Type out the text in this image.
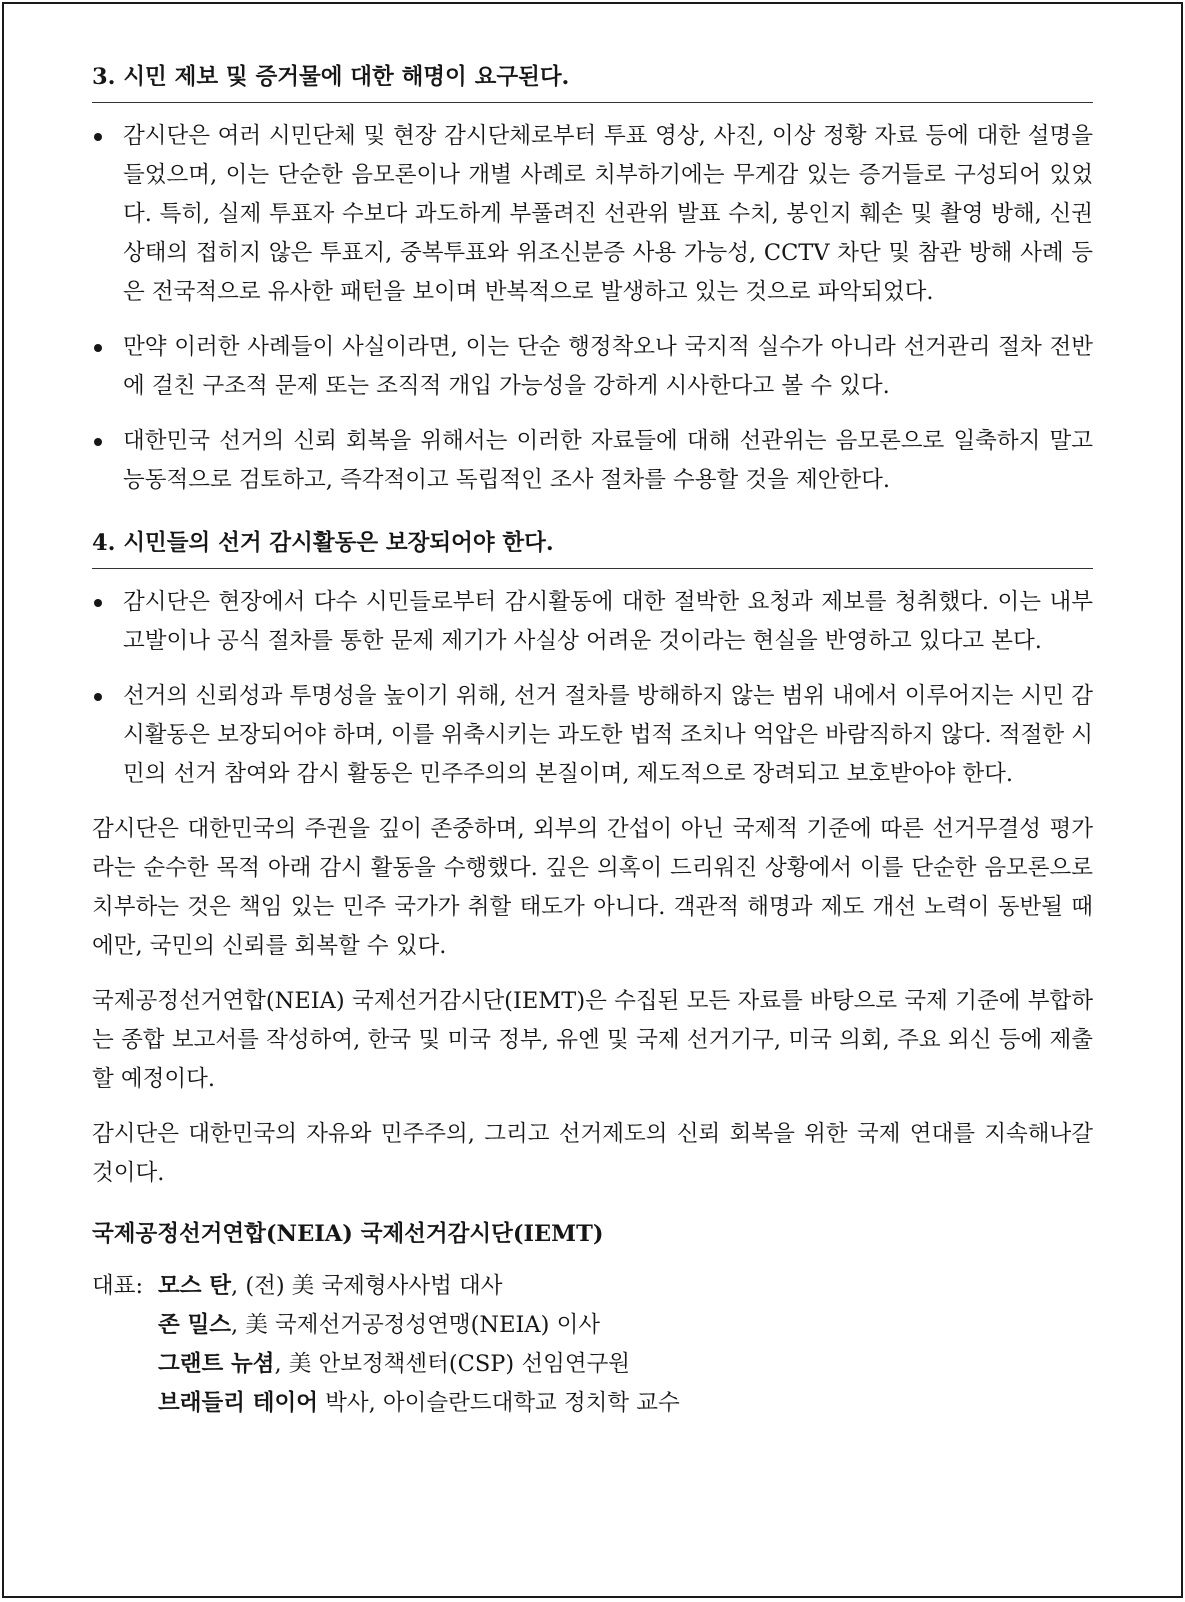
3. 시민 제보 및 증거물에 대한 해명이 요구된다.
감시단은 여러 시민단체 및 현장 감시단체로부터 투표 영상, 사진, 이상 정황 자료 등에 대한 설명을 들었으며, 이는 단순한 음모론이나 개별 사례로 치부하기에는 무게감 있는 증거들로 구성되어 있었다. 특히, 실제 투표자 수보다 과도하게 부풀려진 선관위 발표 수치, 봉인지 훼손 및 촬영 방해, 신권 상태의 접히지 않은 투표지, 중복투표와 위조신분증 사용 가능성, CCTV 차단 및 참관 방해 사례 등은 전국적으로 유사한 패턴을 보이며 반복적으로 발생하고 있는 것으로 파악되었다.
만약 이러한 사례들이 사실이라면, 이는 단순 행정착오나 국지적 실수가 아니라 선거관리 절차 전반에 걸친 구조적 문제 또는 조직적 개입 가능성을 강하게 시사한다고 볼 수 있다.
대한민국 선거의 신뢰 회복을 위해서는 이러한 자료들에 대해 선관위는 음모론으로 일축하지 말고 능동적으로 검토하고, 즉각적이고 독립적인 조사 절차를 수용할 것을 제안한다.
4. 시민들의 선거 감시활동은 보장되어야 한다.
감시단은 현장에서 다수 시민들로부터 감시활동에 대한 절박한 요청과 제보를 청취했다. 이는 내부 고발이나 공식 절차를 통한 문제 제기가 사실상 어려운 것이라는 현실을 반영하고 있다고 본다.
선거의 신뢰성과 투명성을 높이기 위해, 선거 절차를 방해하지 않는 범위 내에서 이루어지는 시민 감시활동은 보장되어야 하며, 이를 위축시키는 과도한 법적 조치나 억압은 바람직하지 않다. 적절한 시민의 선거 참여와 감시 활동은 민주주의의 본질이며, 제도적으로 장려되고 보호받아야 한다.

감시단은 대한민국의 주권을 깊이 존중하며, 외부의 간섭이 아닌 국제적 기준에 따른 선거무결성 평가라는 순수한 목적 아래 감시 활동을 수행했다. 깊은 의혹이 드리워진 상황에서 이를 단순한 음모론으로 치부하는 것은 책임 있는 민주 국가가 취할 태도가 아니다. 객관적 해명과 제도 개선 노력이 동반될 때에만, 국민의 신뢰를 회복할 수 있다.

국제공정선거연합(NEIA) 국제선거감시단(IEMT)은 수집된 모든 자료를 바탕으로 국제 기준에 부합하는 종합 보고서를 작성하여, 한국 및 미국 정부, 유엔 및 국제 선거기구, 미국 의회, 주요 외신 등에 제출할 예정이다.

감시단은 대한민국의 자유와 민주주의, 그리고 선거제도의 신뢰 회복을 위한 국제 연대를 지속해나갈 것이다.

국제공정선거연합(NEIA) 국제선거감시단(IEMT)
대표: 모스 탄, (전) 美 국제형사사법 대사
존 밀스, 美 국제선거공정성연맹(NEIA) 이사
그랜트 뉴셤, 美 안보정책센터(CSP) 선임연구원
브래들리 테이어 박사, 아이슬란드대학교 정치학 교수
